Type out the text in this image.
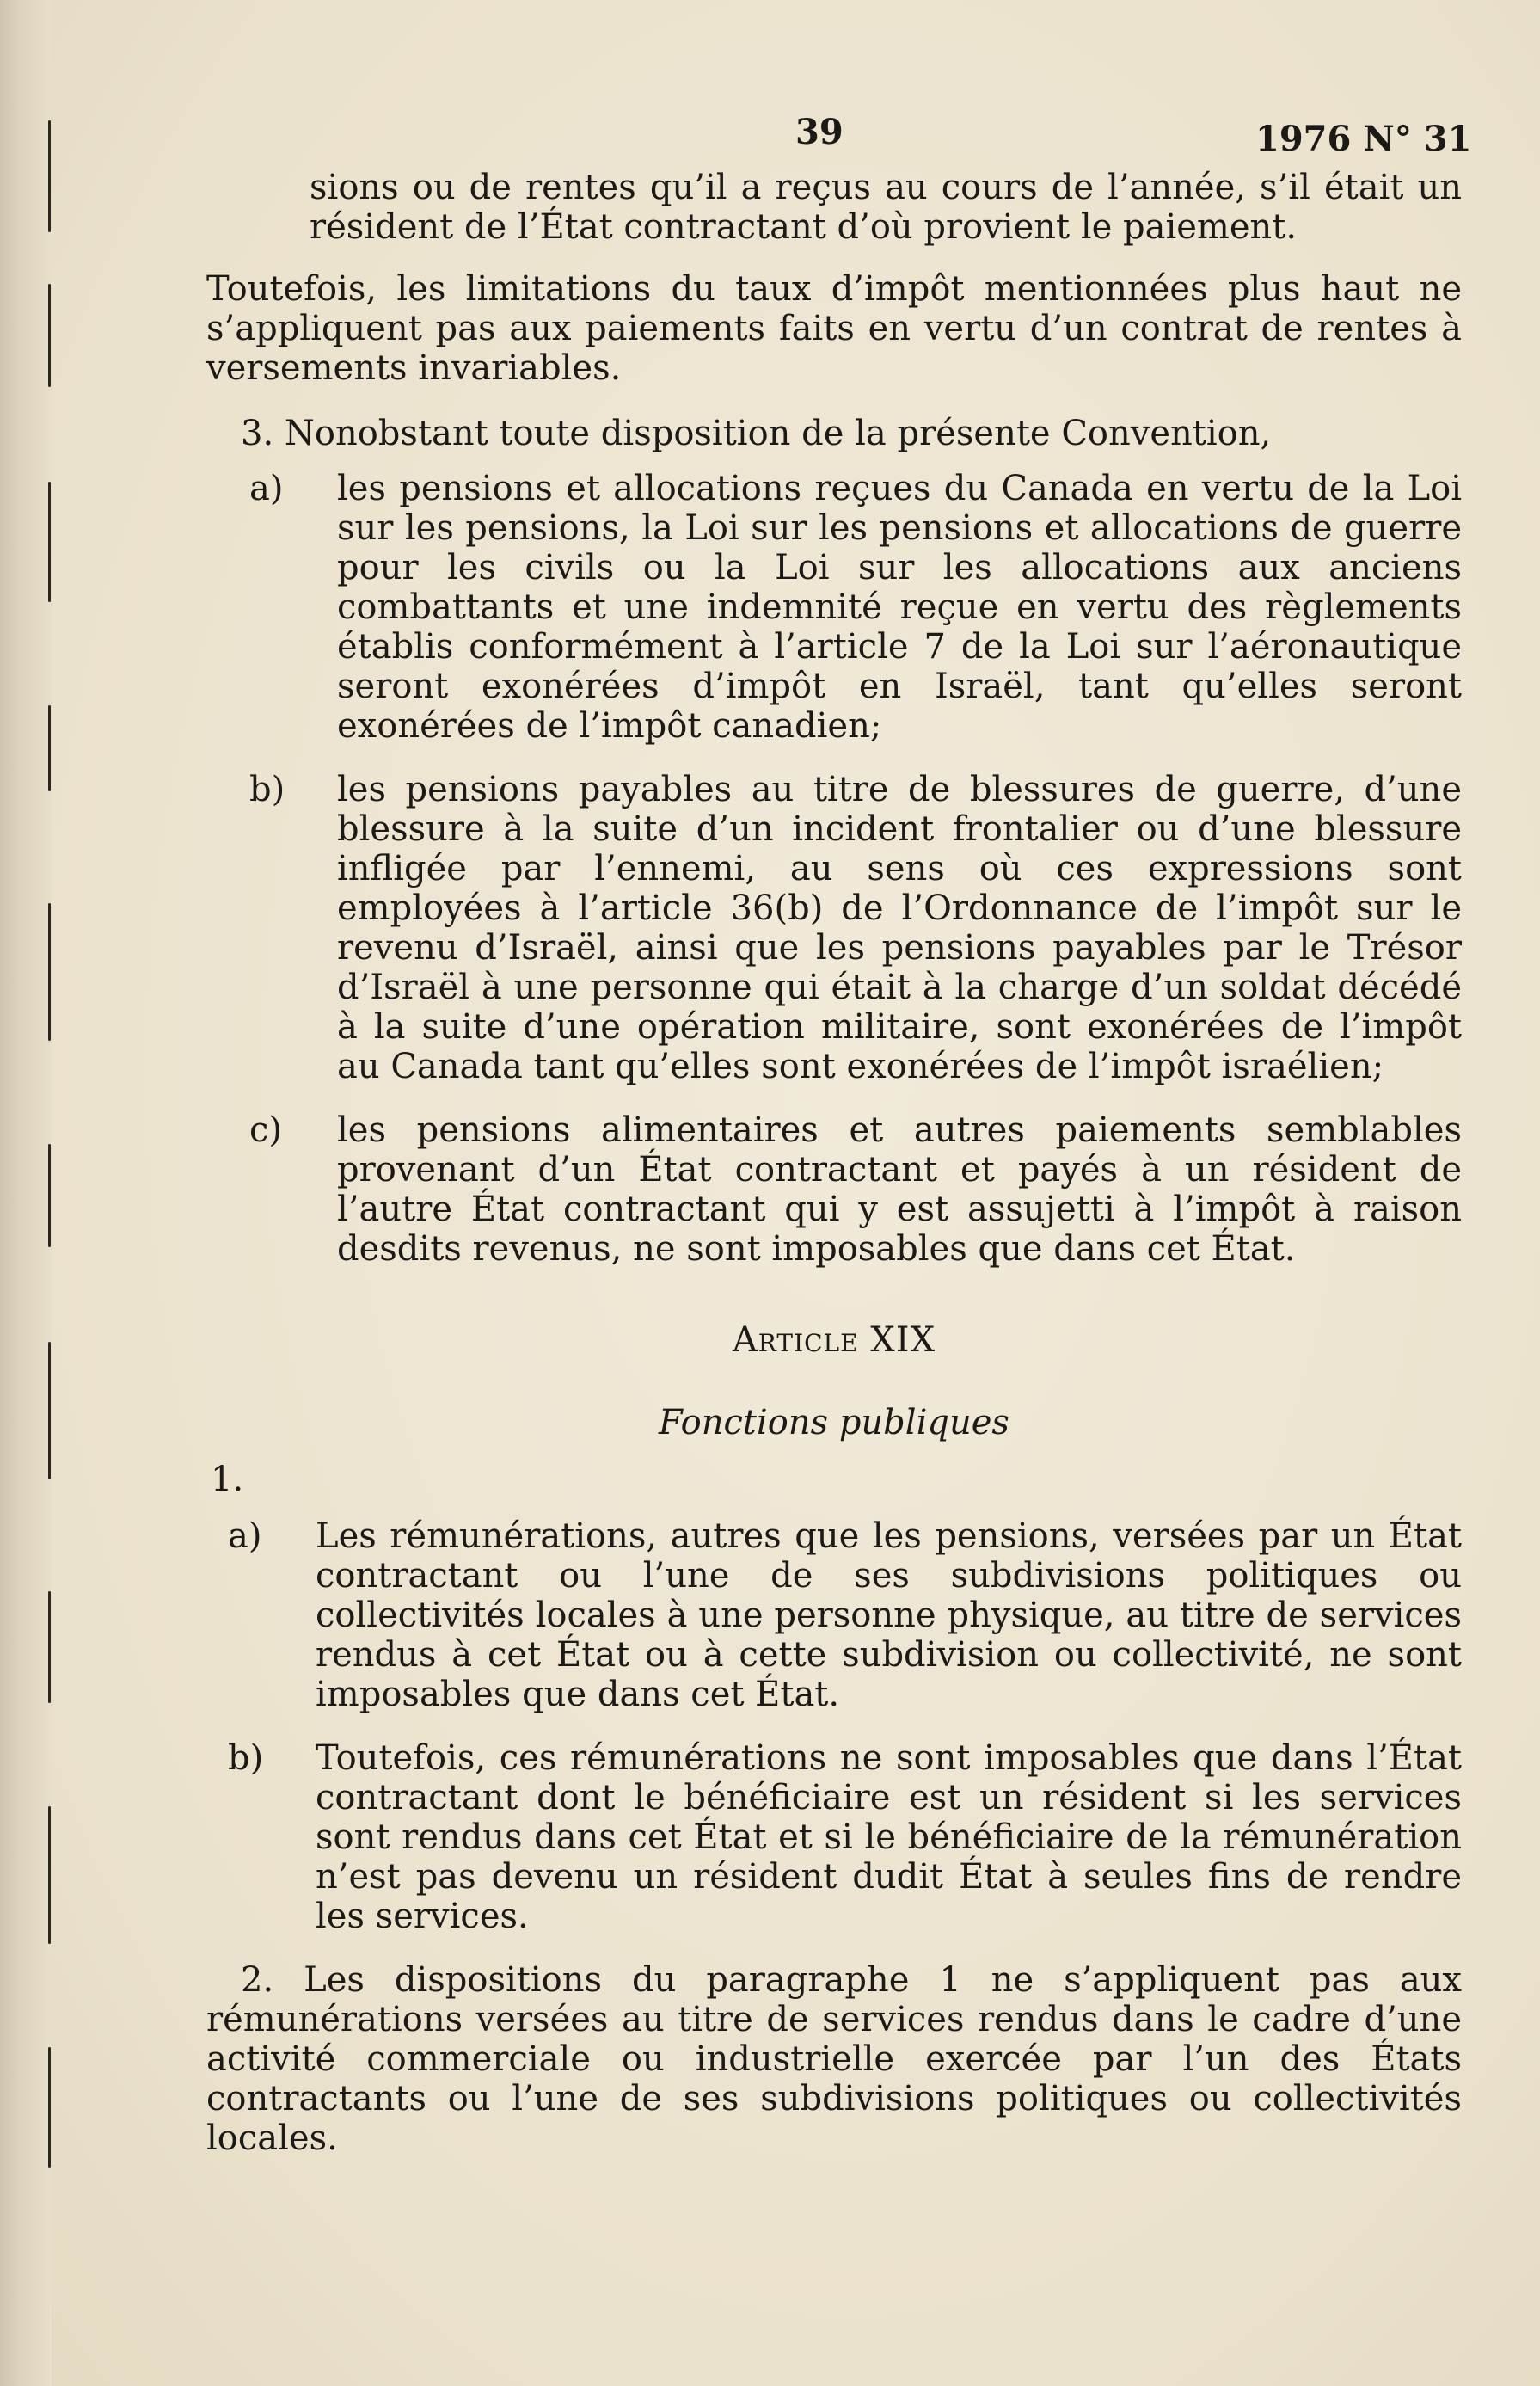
39	1976 N° 31

sions ou de rentes qu’il a reçus au cours de l’année, s’il était un résident de l’État contractant d’où provient le paiement.

Toutefois, les limitations du taux d’impôt mentionnées plus haut ne s’appliquent pas aux paiements faits en vertu d’un contrat de rentes à versements invariables.

3. Nonobstant toute disposition de la présente Convention,

a)	les pensions et allocations reçues du Canada en vertu de la Loi sur les pensions, la Loi sur les pensions et allocations de guerre pour les civils ou la Loi sur les allocations aux anciens combattants et une indemnité reçue en vertu des règlements établis conformément à l’article 7 de la Loi sur l’aéronautique seront exonérées d’impôt en Israël, tant qu’elles seront exonérées de l’impôt canadien;
b)	les pensions payables au titre de blessures de guerre, d’une blessure à la suite d’un incident frontalier ou d’une blessure infligée par l’ennemi, au sens où ces expressions sont employées à l’article 36(b) de l’Ordonnance de l’impôt sur le revenu d’Israël, ainsi que les pensions payables par le Trésor d’Israël à une personne qui était à la charge d’un soldat décédé à la suite d’une opération militaire, sont exonérées de l’impôt au Canada tant qu’elles sont exonérées de l’impôt israélien;
c)	les pensions alimentaires et autres paiements semblables provenant d’un État contractant et payés à un résident de l’autre État contractant qui y est assujetti à l’impôt à raison desdits revenus, ne sont imposables que dans cet État.

Article XIX

Fonctions publiques

1.

a)	Les rémunérations, autres que les pensions, versées par un État contractant ou l’une de ses subdivisions politiques ou collectivités locales à une personne physique, au titre de services rendus à cet État ou à cette subdivision ou collectivité, ne sont imposables que dans cet État.
b)	Toutefois, ces rémunérations ne sont imposables que dans l’État contractant dont le bénéficiaire est un résident si les services sont rendus dans cet État et si le bénéficiaire de la rémunération n’est pas devenu un résident dudit État à seules fins de rendre les services.

2. Les dispositions du paragraphe 1 ne s’appliquent pas aux rémunérations versées au titre de services rendus dans le cadre d’une activité commerciale ou industrielle exercée par l’un des États contractants ou l’une de ses subdivisions politiques ou collectivités locales.
